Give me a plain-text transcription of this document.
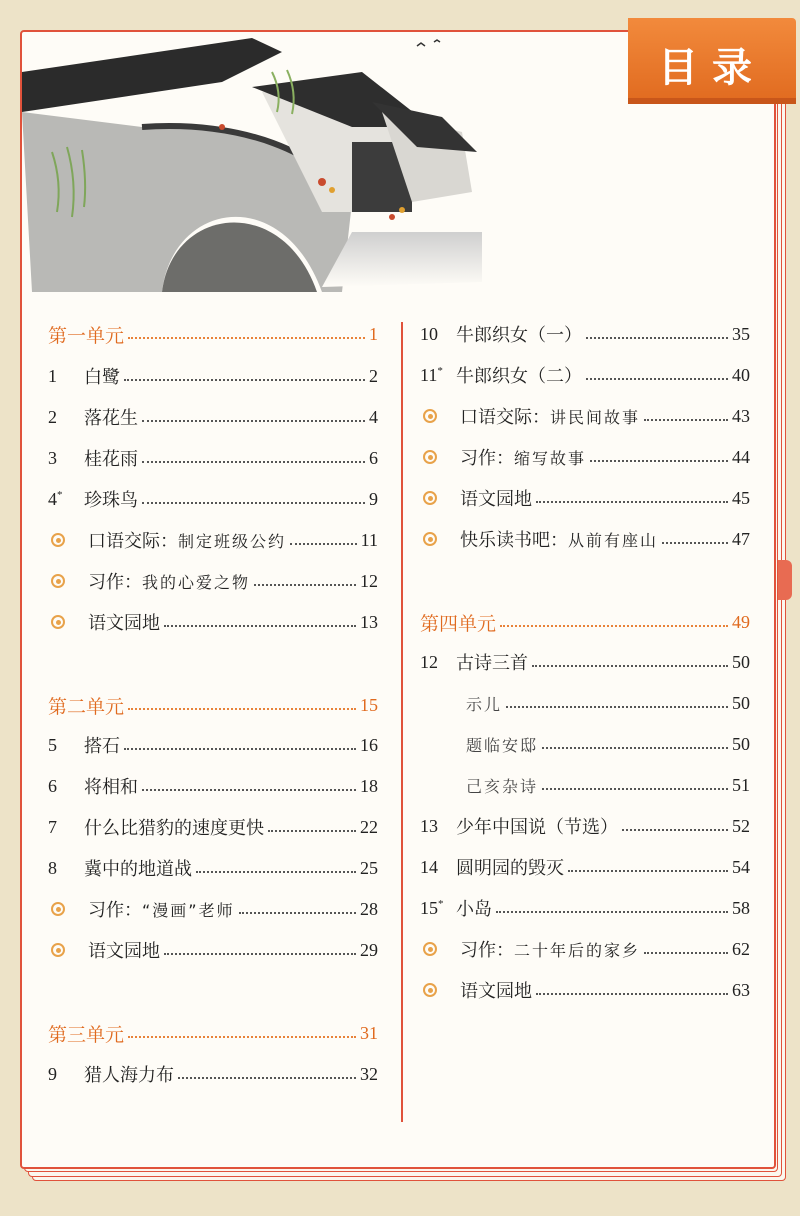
目录
第一单元	1
1	白鹭	2
2	落花生	4
3	桂花雨	6
4*	珍珠鸟	9
口语交际：制定班级公约	11
习作：我的心爱之物	12
语文园地	13
第二单元	15
5	搭石	16
6	将相和	18
7	什么比猎豹的速度更快	22
8	冀中的地道战	25
习作：“漫画”老师	28
语文园地	29
第三单元	31
9	猎人海力布	32
10	牛郎织女（一）	35
11* 牛郎织女（二）	40
口语交际：讲民间故事	43
习作：缩写故事	44
语文园地	45
快乐读书吧：从前有座山	47
第四单元	49
12	古诗三首	50
示儿	50
题临安邸	50
己亥杂诗	51
13	少年中国说（节选）	52
14	圆明园的毁灭	54
15* 小岛	58
习作：二十年后的家乡	62
语文园地	63
